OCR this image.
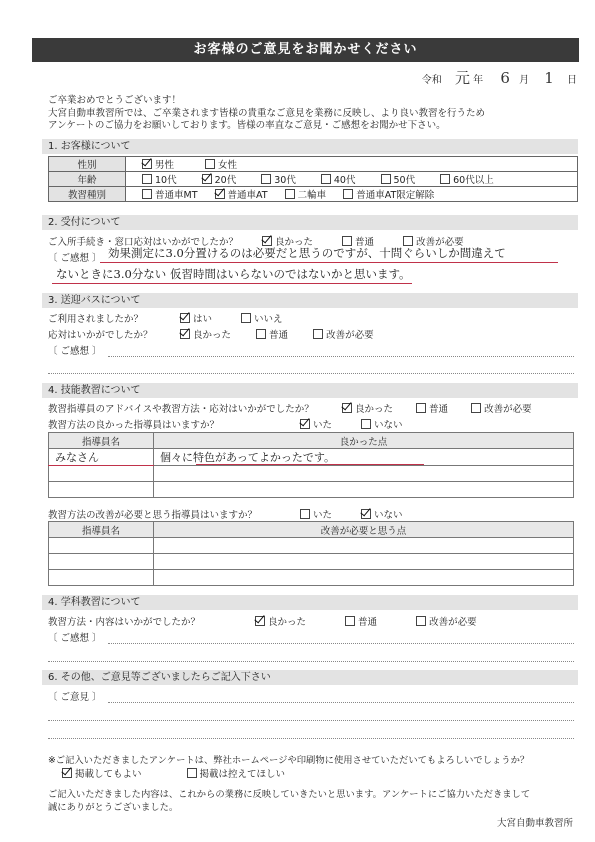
お客様のご意見をお聞かせください
令和 元 年 6 月 1 日
ご卒業おめでとうございます！
大宮自動車教習所では、ご卒業されます皆様の貴重なご意見を業務に反映し、より良い教習を行うため
アンケートのご協力をお願いしております。皆様の率直なご意見・ご感想をお聞かせ下さい。
1. お客様について
性別	男性 女性
年齢	10代 20代 30代 40代 50代 60代以上
教習種別	普通車MT 普通車AT 二輪車 普通車AT限定解除
2. 受付について
ご入所手続き・窓口応対はいかがでしたか？	良かった	普通	改善が必要
〔 ご感想 〕 効果測定に3.0分置けるのは必要だと思うのですが、十問ぐらいしか間違えて
ないときに3.0分ない 仮習時間はいらないのではないかと思います。
3. 送迎バスについて
ご利用されましたか？	はい	いいえ
応対はいかがでしたか？	良かった	普通	改善が必要
〔 ご感想 〕
4. 技能教習について
教習指導員のアドバイスや教習方法・応対はいかがでしたか？	良かった	普通	改善が必要
教習方法の良かった指導員はいますか？	いた	いない
指導員名	良かった点
みなさん	個々に特色があってよかったです。

教習方法の改善が必要と思う指導員はいますか？	いた	いない
指導員名	改善が必要と思う点

4. 学科教習について
教習方法・内容はいかがでしたか？	良かった	普通	改善が必要
〔 ご感想 〕
6. その他、ご意見等ございましたらご記入下さい
〔 ご意見 〕
※ご記入いただきましたアンケートは、弊社ホームページや印刷物に使用させていただいてもよろしいでしょうか？
掲載してもよい	掲載は控えてほしい
ご記入いただきました内容は、これからの業務に反映していきたいと思います。アンケートにご協力いただきまして
誠にありがとうございました。
大宮自動車教習所
